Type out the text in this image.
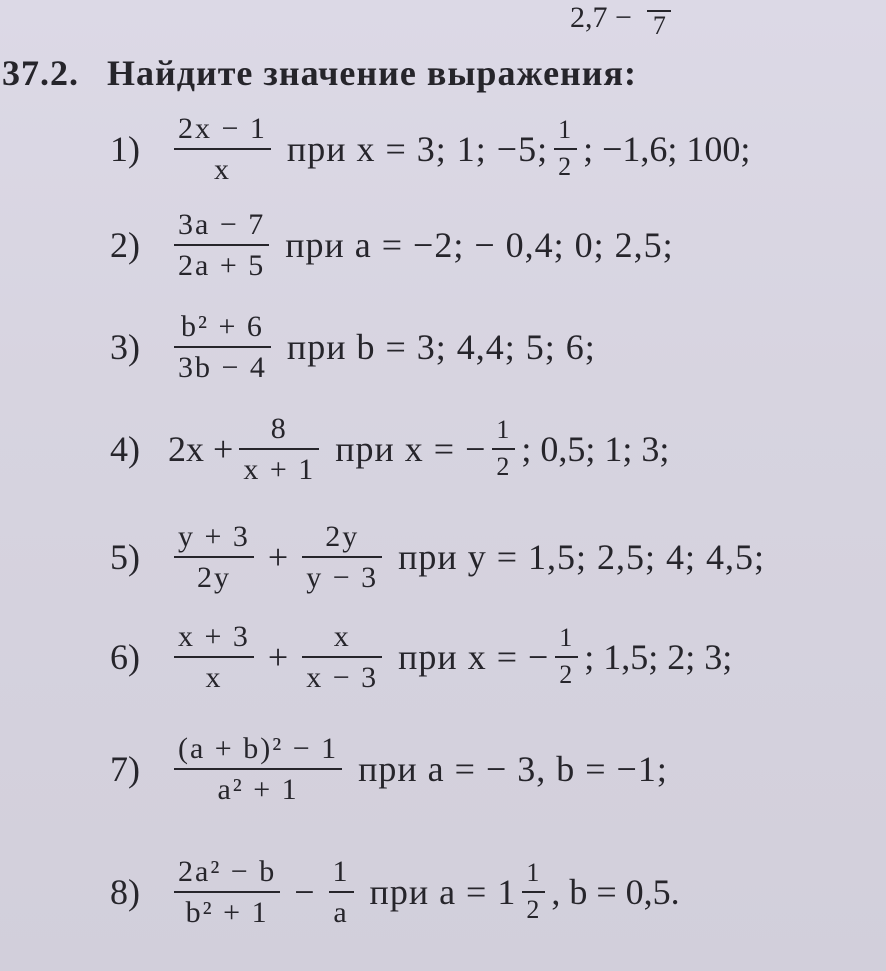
2,7 − 7
37.2. Найдите значение выражения:
1)	$\frac{2x - 1}{x}$ при x = 3; 1; −5; $\frac{1}{2}$ ; −1,6; 100;
2)	$\frac{3a - 7}{2a + 5}$ при a = −2; − 0,4; 0; 2,5;
3)	$\frac{\text{b² + 6}}{3b - 4}$ при b = 3; 4,4; 5; 6;
4) $2x + \frac{8}{x + 1}$ при x = − $\frac{1}{2}$ ; 0,5; 1; 3;
5)	$\frac{y + 3}{2y} + \frac{2y}{y - 3}$ при y = 1,5; 2,5; 4; 4,5;
6)	$\frac{x + 3}{x} + \frac{x}{x - 3}$ при x = − $\frac{1}{2}$ ; 1,5; 2; 3;
7)	$\frac{\text{(a + b)² − 1}}{\text{a² + 1}}$ при a = − 3, b = −1;
8)	$\frac{\text{2a² − b}}{\text{b² + 1}} - \frac{1}{a}$ при $a = 1 \frac{1}{2}$ , b = 0,5.
